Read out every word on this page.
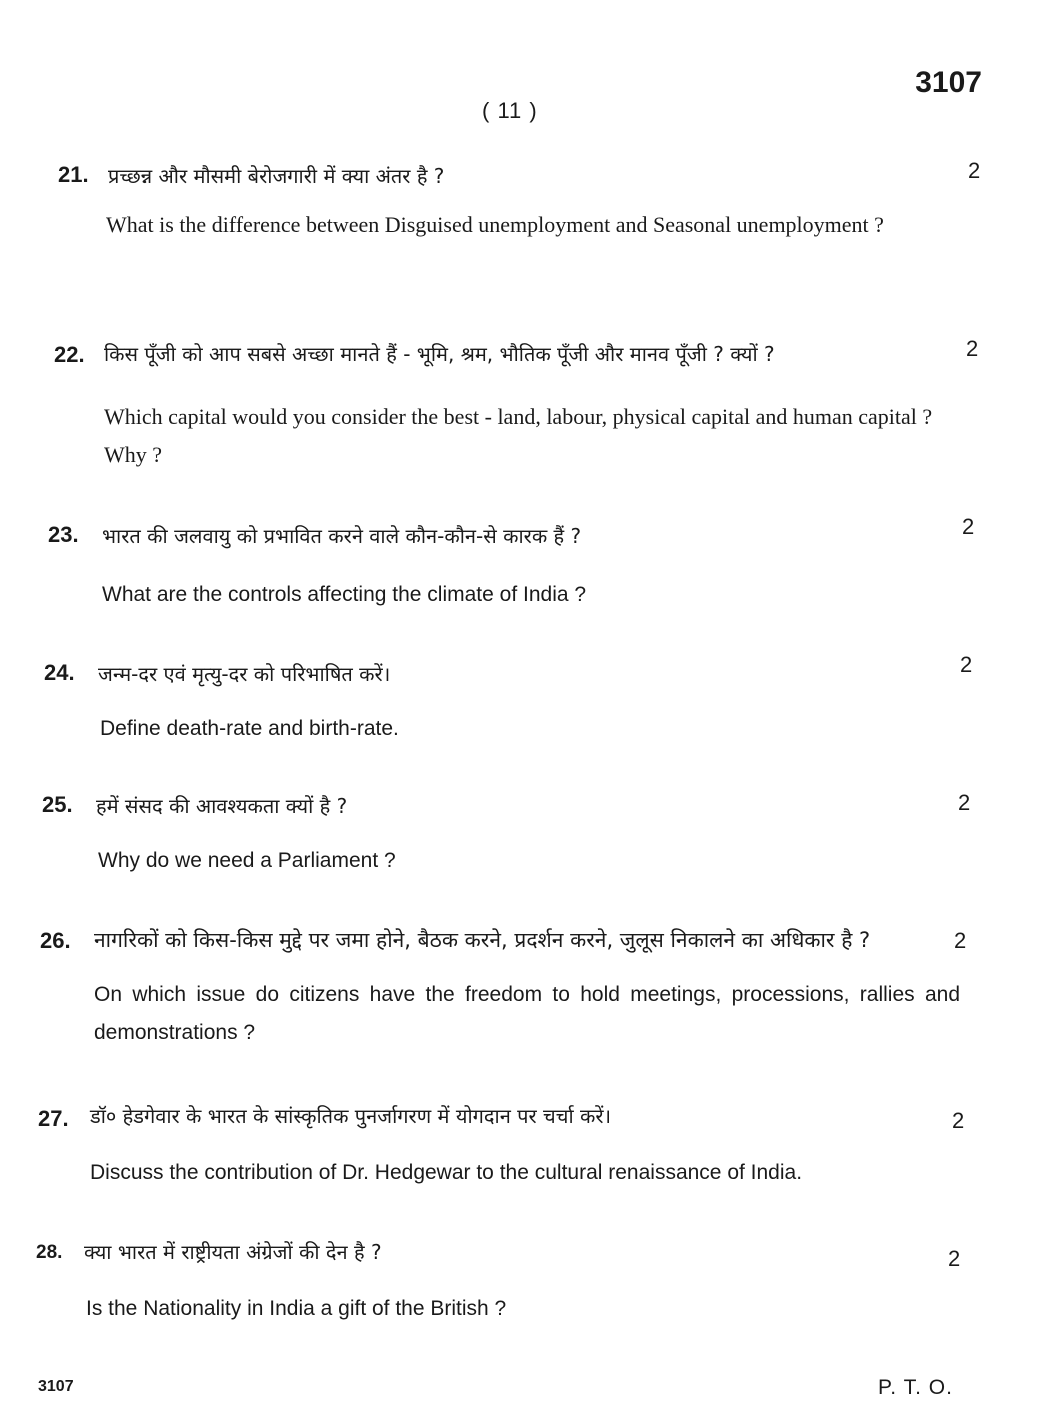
( 11 )
3107
21. प्रच्छन्न और मौसमी बेरोजगारी में क्या अंतर है ?	2
What is the difference between Disguised unemployment and Seasonal unemployment ?
22. किस पूँजी को आप सबसे अच्छा मानते हैं - भूमि, श्रम, भौतिक पूँजी और मानव पूँजी ? क्यों ?	2
Which capital would you consider the best - land, labour, physical capital and human capital ? Why ?
23. भारत की जलवायु को प्रभावित करने वाले कौन-कौन-से कारक हैं ?	2
What are the controls affecting the climate of India ?
24. जन्म-दर एवं मृत्यु-दर को परिभाषित करें।	2
Define death-rate and birth-rate.
25. हमें संसद की आवश्यकता क्यों है ?	2
Why do we need a Parliament ?
26. नागरिकों को किस-किस मुद्दे पर जमा होने, बैठक करने, प्रदर्शन करने, जुलूस निकालने का अधिकार है ?	2
On which issue do citizens have the freedom to hold meetings, processions, rallies and demonstrations ?
27. डॉ० हेडगेवार के भारत के सांस्कृतिक पुनर्जागरण में योगदान पर चर्चा करें।	2
Discuss the contribution of Dr. Hedgewar to the cultural renaissance of India.
28. क्या भारत में राष्ट्रीयता अंग्रेजों की देन है ?	2
Is the Nationality in India a gift of the British ?
3107	P. T. O.
